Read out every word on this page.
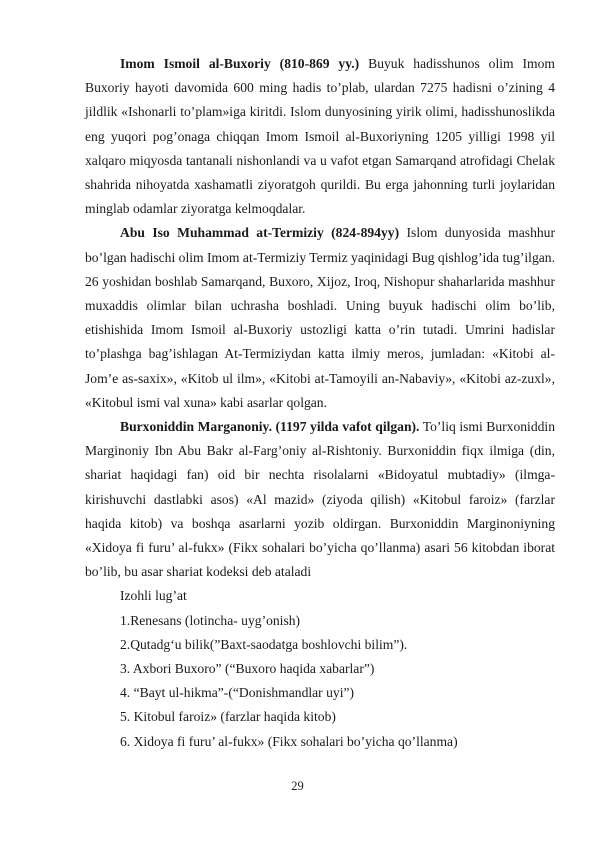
Imom Ismoil al-Buxoriy (810-869 yy.) Buyuk hadisshunos olim Imom Buxoriy hayoti davomida 600 ming hadis to’plab, ulardan 7275 hadisni o’zining 4 jildlik «Ishonarli to’plam»iga kiritdi. Islom dunyosining yirik olimi, hadisshunoslikda eng yuqori pog’onaga chiqqan Imom Ismoil al-Buxoriyning 1205 yilligi 1998 yil xalqaro miqyosda tantanali nishonlandi va u vafot etgan Samarqand atrofidagi Chelak shahrida nihoyatda xashamatli ziyoratgoh qurildi. Bu erga jahonning turli joylaridan minglab odamlar ziyoratga kelmoqdalar.

Abu Iso Muhammad at-Termiziy (824-894yy) Islom dunyosida mashhur bo’lgan hadischi olim Imom at-Termiziy Termiz yaqinidagi Bug qishlog’ida tug’ilgan. 26 yoshidan boshlab Samarqand, Buxoro, Xijoz, Iroq, Nishopur shaharlarida mashhur muxaddis olimlar bilan uchrasha boshladi. Uning buyuk hadischi olim bo’lib, etishishida Imom Ismoil al-Buxoriy ustozligi katta o’rin tutadi. Umrini hadislar to’plashga bag’ishlagan At-Termiziydan katta ilmiy meros, jumladan: «Kitobi al-Jom’e as-saxix», «Kitob ul ilm», «Kitobi at-Tamoyili an-Nabaviy», «Kitobi az-zuxl», «Kitobul ismi val xuna» kabi asarlar qolgan.

Burxoniddin Marganoniy. (1197 yilda vafot qilgan). To’liq ismi Burxoniddin Marginoniy Ibn Abu Bakr al-Farg’oniy al-Rishtoniy. Burxoniddin fiqx ilmiga (din, shariat haqidagi fan) oid bir nechta risolalarni «Bidoyatul mubtadiy» (ilmga-kirishuvchi dastlabki asos) «Al mazid» (ziyoda qilish) «Kitobul faroiz» (farzlar haqida kitob) va boshqa asarlarni yozib oldirgan. Burxoniddin Marginoniyning «Xidoya fi furu’ al-fukx» (Fikx sohalari bo’yicha qo’llanma) asari 56 kitobdan iborat bo’lib, bu asar shariat kodeksi deb ataladi

Izohli lug’at

1.Renesans (lotincha- uyg’onish)

2.Qutadg‘u bilik(”Baxt-saodatga boshlovchi bilim”).

3. Axbori Buxoro” (“Buxoro haqida xabarlar”)

4. “Bayt ul-hikma”-(“Donishmandlar uyi”)

5. Kitobul faroiz» (farzlar haqida kitob)

6. Xidoya fi furu’ al-fukx» (Fikx sohalari bo’yicha qo’llanma)

29
